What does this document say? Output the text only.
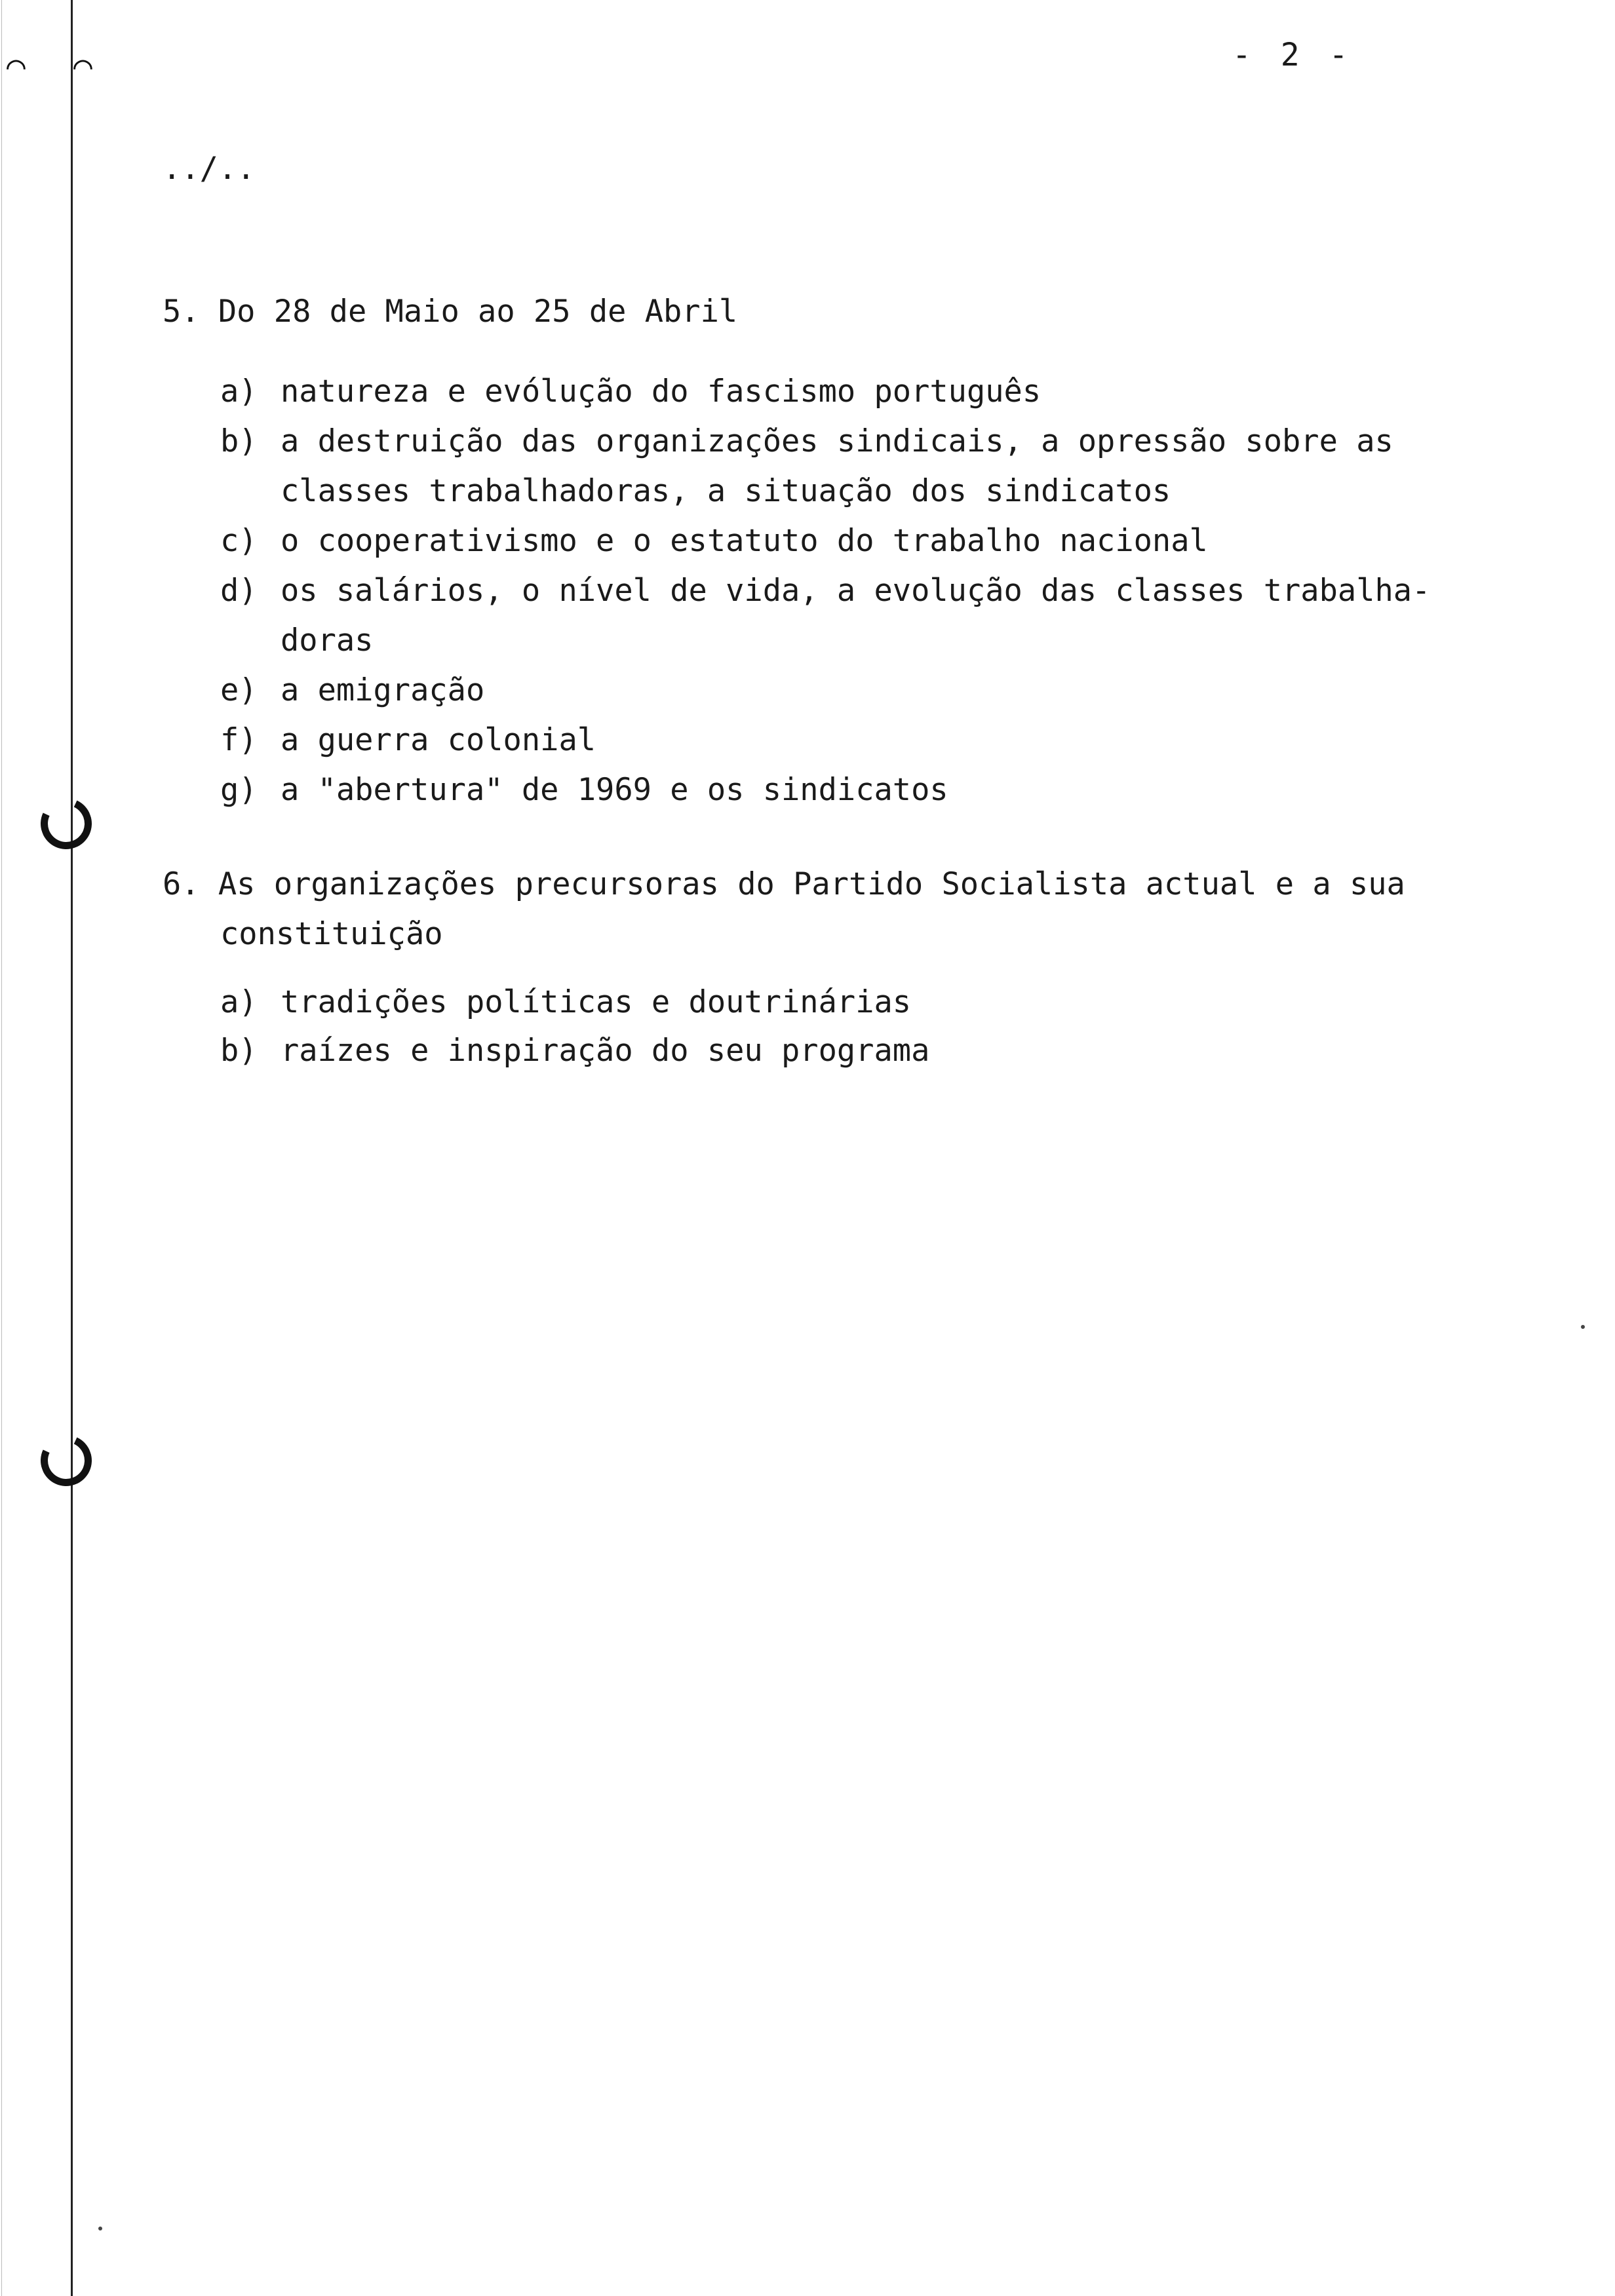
⌒ ⌒	- 2 -
../..
5. Do 28 de Maio ao 25 de Abril
a) natureza e evólução do fascismo português
b) a destruição das organizações sindicais, a opressão sobre as
classes trabalhadoras, a situação dos sindicatos
c) o cooperativismo e o estatuto do trabalho nacional
d) os salários, o nível de vida, a evolução das classes trabalha-
doras
e) a emigração
f) a guerra colonial
g) a "abertura" de 1969 e os sindicatos
6. As organizações precursoras do Partido Socialista actual e a sua
constituição
a) tradições políticas e doutrinárias
b) raízes e inspiração do seu programa
